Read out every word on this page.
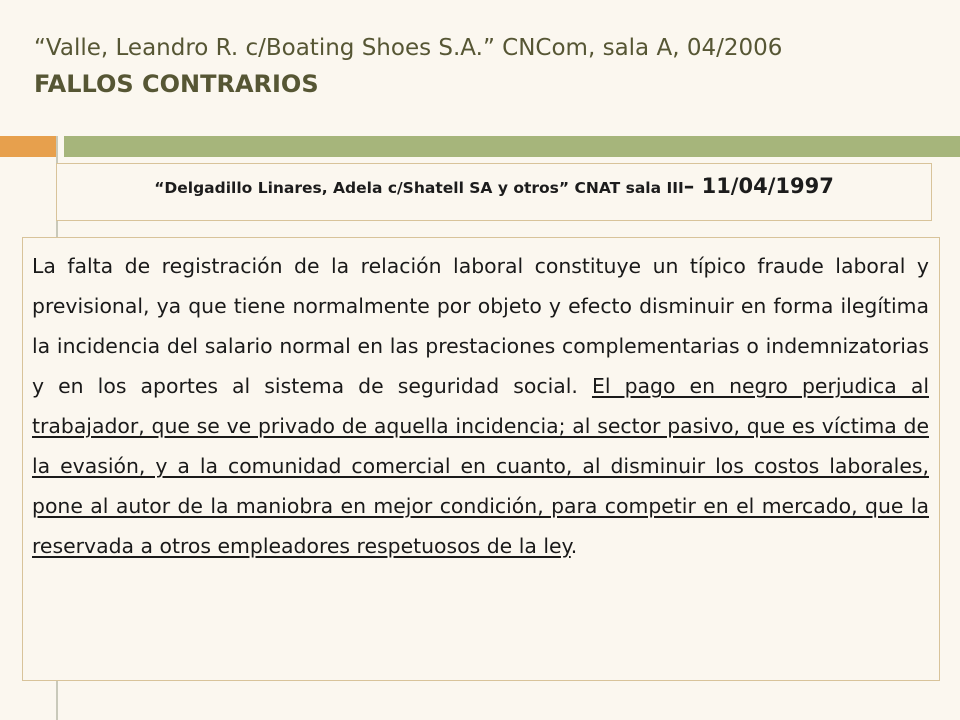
“Valle, Leandro R. c/Boating Shoes S.A.” CNCom, sala A, 04/2006
FALLOS CONTRARIOS
“Delgadillo Linares, Adela c/Shatell SA y otros” CNAT sala III– 11/04/1997

La falta de registración de la relación laboral constituye un típico fraude laboral y previsional, ya que tiene normalmente por objeto y efecto disminuir en forma ilegítima la incidencia del salario normal en las prestaciones complementarias o indemnizatorias y en los aportes al sistema de seguridad social. El pago en negro perjudica al trabajador, que se ve privado de aquella incidencia; al sector pasivo, que es víctima de la evasión, y a la comunidad comercial en cuanto, al disminuir los costos laborales, pone al autor de la maniobra en mejor condición, para competir en el mercado, que la reservada a otros empleadores respetuosos de la ley.
